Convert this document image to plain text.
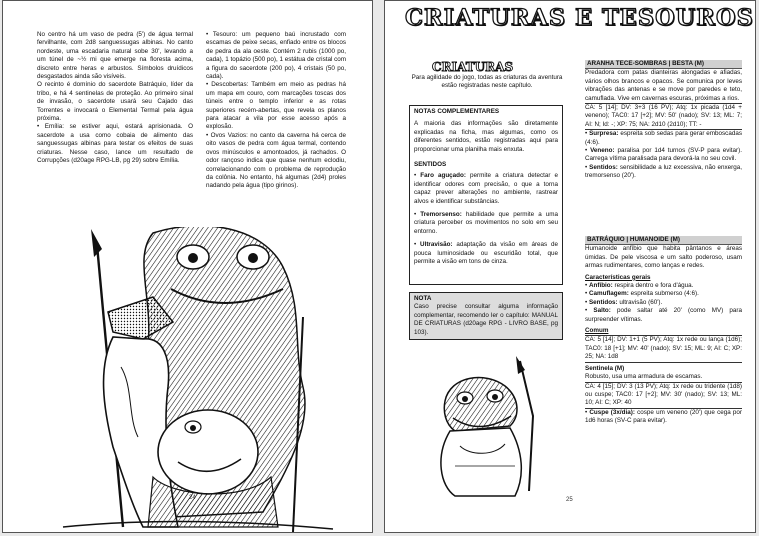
No centro há um vaso de pedra (5') de água termal fervilhante, com 2d8 sanguessugas albinas. No canto nordeste, uma escadaria natural sobe 30', levando a um túnel de ~½ mi que emerge na floresta acima, discreto entre heras e arbustos. Símbolos druídicos desgastados ainda são visíveis.

O recinto é domínio do sacerdote Batráquio, líder da tribo, e há 4 sentinelas de proteção. Ao primeiro sinal de invasão, o sacerdote usará seu Cajado das Torrentes e invocará o Elemental Termal pela água próxima.

• Emília: se estiver aqui, estará aprisionada. O sacerdote a usa como cobaia de alimento das sanguessugas albinas para testar os efeitos de suas criaturas. Nesse caso, lance um resultado de Corrupções (d20age RPG-LB, pg 29) sobre Emília.

• Tesouro: um pequeno baú incrustado com escamas de peixe secas, enfiado entre os blocos de pedra da ala oeste. Contém 2 rubis (1000 po, cada), 1 topázio (500 po), 1 estátua de cristal com a figura do sacerdote (200 po), 4 cristais (50 po, cada).

• Descobertas: Também em meio as pedras há um mapa em couro, com marcações toscas dos túneis entre o templo inferior e as rotas superiores recém-abertas, que revela os planos para atacar a vila por esse acesso após a explosão.

• Ovos Vazios: no canto da caverna há cerca de oito vasos de pedra com água termal, contendo ovos minúsculos e amontoados, já rachados. O odor rançoso indica que quase nenhum eclodiu, correlacionando com o problema de reprodução da colônia. No entanto, há algumas (2d4) proles nadando pela água (tipo girinos).

24
CRIATURAS E TESOUROS
CRIATURAS
Para agilidade do jogo, todas as criaturas da aventura estão registradas neste capítulo.
NOTAS COMPLEMENTARES

A maioria das informações são diretamente explicadas na ficha, mas algumas, como os diferentes sentidos, estão registradas aqui para proporcionar uma planilha mais enxuta.

SENTIDOS

• Faro aguçado: permite a criatura detectar e identificar odores com precisão, o que a torna capaz prever alterações no ambiente, rastrear alvos e identificar substâncias.

• Tremorsenso: habilidade que permite a uma criatura perceber os movimentos no solo em seu entorno.

• Ultravisão: adaptação da visão em áreas de pouca luminosidade ou escuridão total, que permite a visão em tons de cinza.

NOTA

Caso precise consultar alguma informação complementar, recomendo ler o capítulo: MANUAL DE CRIATURAS (d20age RPG - LIVRO BASE, pg 103).

ARANHA TECE-SOMBRAS | BESTA (M)

Predadora com patas dianteiras alongadas e afiadas, vários olhos brancos e opacos. Se comunica por leves vibrações das antenas e se move por paredes e teto, camuflada. Vive em cavernas escuras, próximas a rios.

CA: 5 [14]; DV: 3+3 (16 PV); Atq: 1x picada (1d4 + veneno); TAC0: 17 [+2]; MV: 50' (nado); SV: 13; ML: 7; AI: N; Id: -; XP: 75; NA: 2d10 (2d10); TT: -

• Surpresa: espreita sob sedas para gerar emboscadas (4:6).

• Veneno: paralisa por 1d4 turnos (SV-P para evitar). Carrega vítima paralisada para devorá-la no seu covil.

• Sentidos: sensibilidade a luz excessiva, não enxerga, tremorsenso (20').

BATRÁQUIO | HUMANOIDE (M)

Humanoide anfíbio que habita pântanos e áreas úmidas. De pele viscosa e um salto poderoso, usam armas rudimentares, como lanças e redes.

Características gerais

• Anfíbio: respira dentro e fora d'água.

• Camuflagem: espreita submerso (4:6).

• Sentidos: ultravisão (60').

• Salto: pode saltar até 20' (como MV) para surpreender vítimas.

Comum

CA: 5 [14]; DV: 1+1 (5 PV); Atq: 1x rede ou lança (1d6); TAC0: 18 [+1]; MV: 40' (nado); SV: 15; ML: 9; AI: C; XP: 25; NA: 1d8

Sentinela (M)

Robusto, usa uma armadura de escamas.

CA: 4 [15]; DV: 3 (13 PV); Atq: 1x rede ou tridente (1d8) ou cuspe; TAC0: 17 [+2]; MV: 30' (nado); SV: 13; ML: 10; AI: C; XP: 40

• Cuspe (3x/dia): cospe um veneno (20') que cega por 1d6 horas (SV-C para evitar).

25
